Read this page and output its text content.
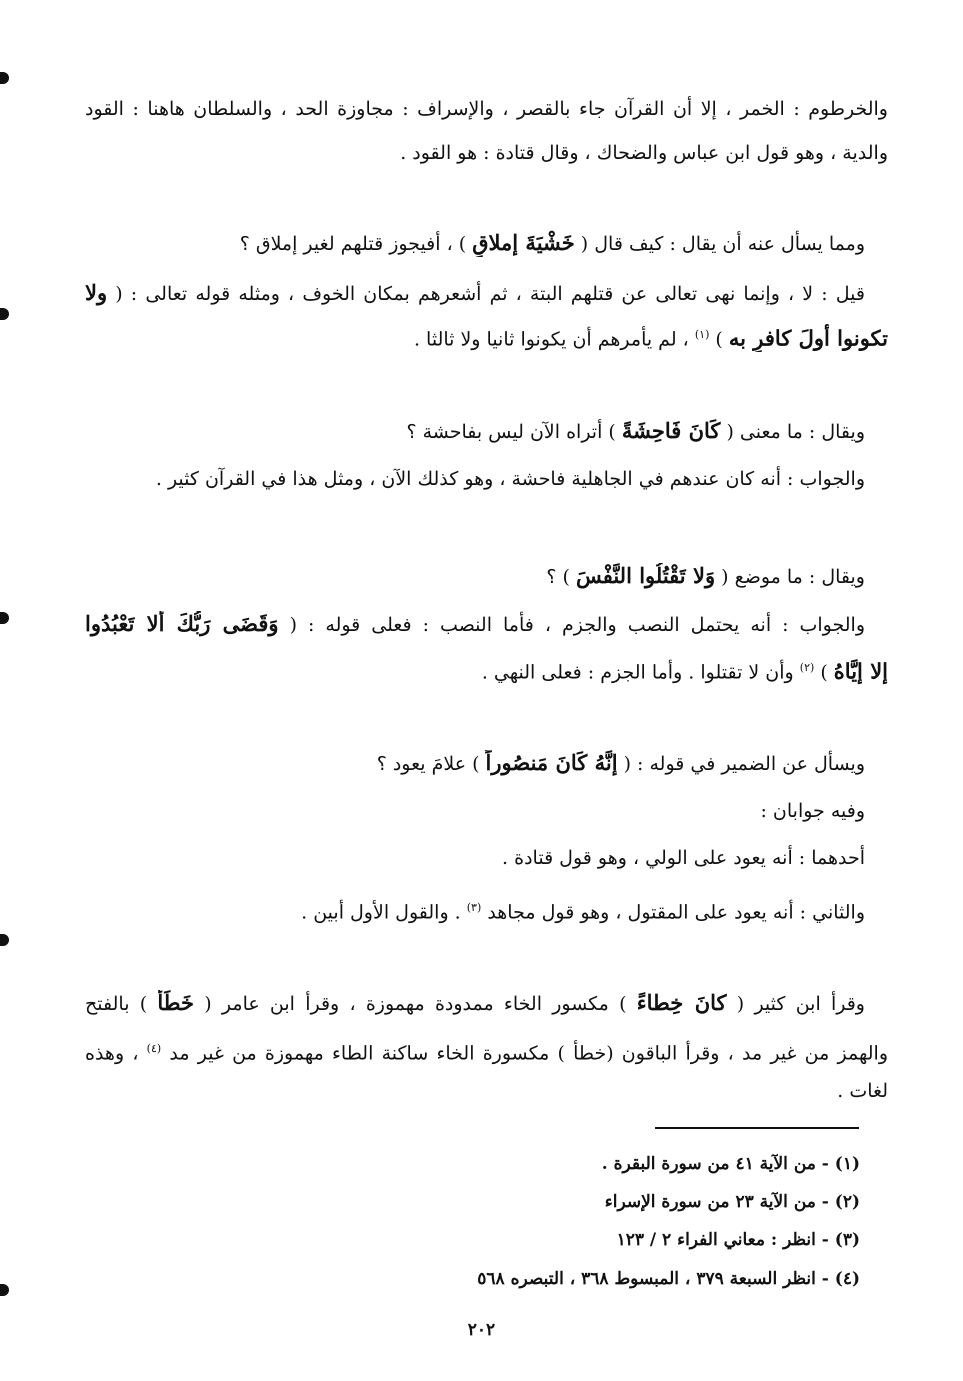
والخرطوم : الخمر ، إلا أن القرآن جاء بالقصر ، والإسراف : مجاوزة الحد ، والسلطان هاهنا : القود
والدية ، وهو قول ابن عباس والضحاك ، وقال قتادة : هو القود .
ومما يسأل عنه أن يقال : كيف قال ( خَشْيَةَ إملاقٍ ) ، أفيجوز قتلهم لغير إملاق ؟
قيل : لا ، وإنما نهى تعالى عن قتلهم البتة ، ثم أشعرهم بمكان الخوف ، ومثله قوله تعالى : ( ولا
تكونوا أولَ كافرٍ به ) $^{(١)}$ ، لم يأمرهم أن يكونوا ثانيا ولا ثالثا .
ويقال : ما معنى ( كَانَ فَاحِشَةً ) أتراه الآن ليس بفاحشة ؟
والجواب : أنه كان عندهم في الجاهلية فاحشة ، وهو كذلك الآن ، ومثل هذا في القرآن كثير .
ويقال : ما موضع ( وَلا تَقْتُلُوا النَّفْسَ ) ؟
والجواب : أنه يحتمل النصب والجزم ، فأما النصب : فعلى قوله : ( وَقَضَى رَبُّكَ أَلا تَعْبُدُوا
إلا إيَّاهُ ) $^{(٢)}$ وأن لا تقتلوا . وأما الجزم : فعلى النهي .
ويسأل عن الضمير في قوله : ( إنَّهُ كَانَ مَنصُوراً ) علامَ يعود ؟
وفيه جوابان :
أحدهما : أنه يعود على الولي ، وهو قول قتادة .
والثاني : أنه يعود على المقتول ، وهو قول مجاهد $^{(٣)}$ . والقول الأول أبين .
وقرأ ابن كثير ( كانَ خِطاءً ) مكسور الخاء ممدودة مهموزة ، وقرأ ابن عامر ( خَطَأً ) بالفتح
والهمز من غير مد ، وقرأ الباقون (خطأ ) مكسورة الخاء ساكنة الطاء مهموزة من غير مد $^{(٤)}$ ، وهذه
لغات .
(١) - من الآية ٤١ من سورة البقرة .
(٢) - من الآية ٢٣ من سورة الإسراء
(٣) - انظر : معاني الفراء ٢ / ١٢٣
(٤) - انظر السبعة ٣٧٩ ، المبسوط ٣٦٨ ، التبصره ٥٦٨
٢٠٢
